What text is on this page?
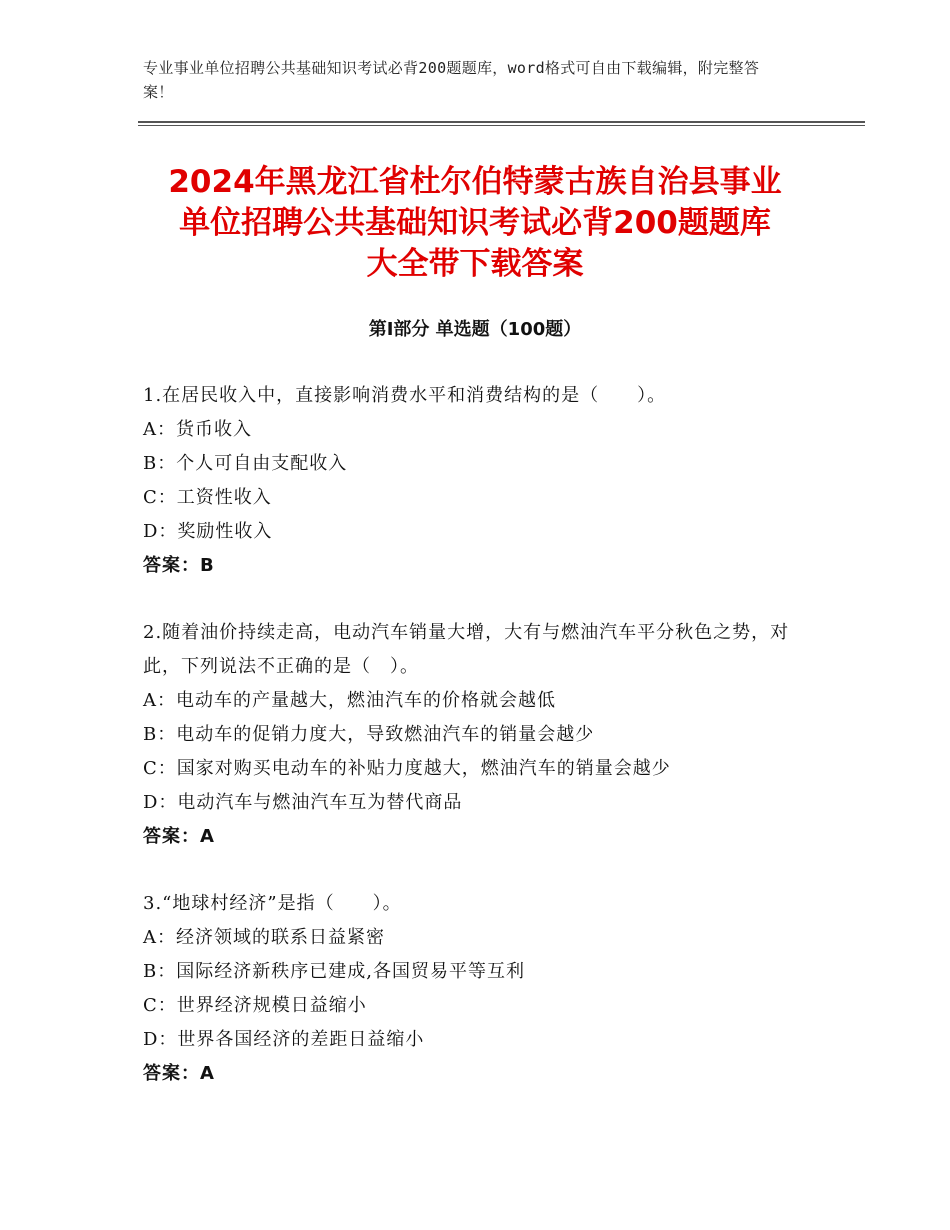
专业事业单位招聘公共基础知识考试必背200题题库，word格式可自由下载编辑，附完整答案！
2024年黑龙江省杜尔伯特蒙古族自治县事业
单位招聘公共基础知识考试必背200题题库
大全带下载答案
第Ⅰ部分 单选题（100题）
1.在居民收入中，直接影响消费水平和消费结构的是（　　）。
A：货币收入
B：个人可自由支配收入
C：工资性收入
D：奖励性收入
答案：B
2.随着油价持续走高，电动汽车销量大增，大有与燃油汽车平分秋色之势，对此，下列说法不正确的是（　）。
A：电动车的产量越大，燃油汽车的价格就会越低
B：电动车的促销力度大，导致燃油汽车的销量会越少
C：国家对购买电动车的补贴力度越大，燃油汽车的销量会越少
D：电动汽车与燃油汽车互为替代商品
答案：A
3.“地球村经济”是指（　　）。
A：经济领域的联系日益紧密
B：国际经济新秩序已建成,各国贸易平等互利
C：世界经济规模日益缩小
D：世界各国经济的差距日益缩小
答案：A
